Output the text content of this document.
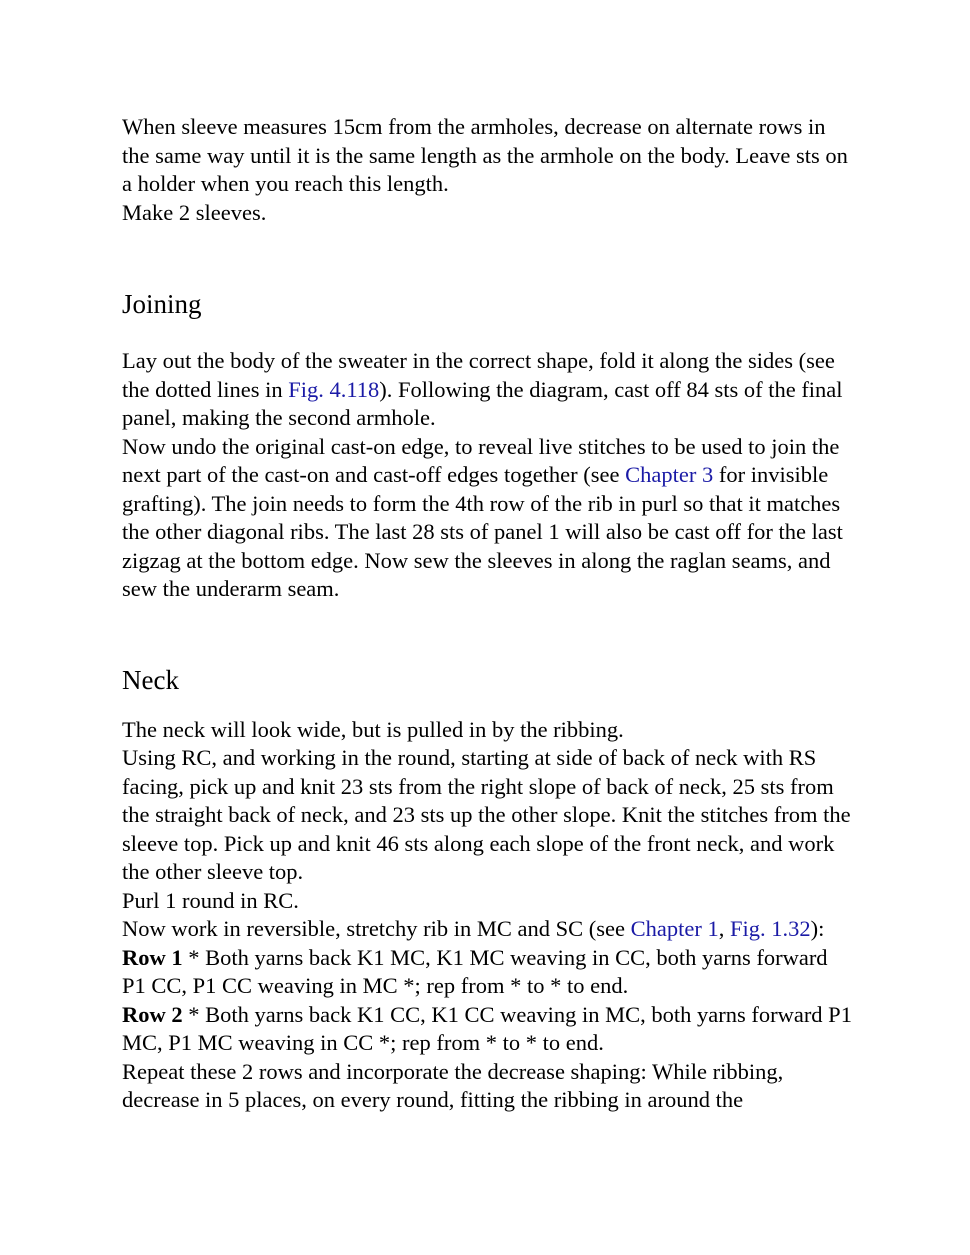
When sleeve measures 15cm from the armholes, decrease on alternate rows in the same way until it is the same length as the armhole on the body. Leave sts on a holder when you reach this length.

Make 2 sleeves.

Joining

Lay out the body of the sweater in the correct shape, fold it along the sides (see the dotted lines in Fig. 4.118). Following the diagram, cast off 84 sts of the final panel, making the second armhole.

Now undo the original cast-on edge, to reveal live stitches to be used to join the next part of the cast-on and cast-off edges together (see Chapter 3 for invisible grafting). The join needs to form the 4th row of the rib in purl so that it matches the other diagonal ribs. The last 28 sts of panel 1 will also be cast off for the last zigzag at the bottom edge. Now sew the sleeves in along the raglan seams, and sew the underarm seam.

Neck

The neck will look wide, but is pulled in by the ribbing.

Using RC, and working in the round, starting at side of back of neck with RS facing, pick up and knit 23 sts from the right slope of back of neck, 25 sts from the straight back of neck, and 23 sts up the other slope. Knit the stitches from the sleeve top. Pick up and knit 46 sts along each slope of the front neck, and work the other sleeve top.

Purl 1 round in RC.

Now work in reversible, stretchy rib in MC and SC (see Chapter 1, Fig. 1.32):

Row 1 * Both yarns back K1 MC, K1 MC weaving in CC, both yarns forward P1 CC, P1 CC weaving in MC *; rep from * to * to end.

Row 2 * Both yarns back K1 CC, K1 CC weaving in MC, both yarns forward P1 MC, P1 MC weaving in CC *; rep from * to * to end.

Repeat these 2 rows and incorporate the decrease shaping: While ribbing, decrease in 5 places, on every round, fitting the ribbing in around the
